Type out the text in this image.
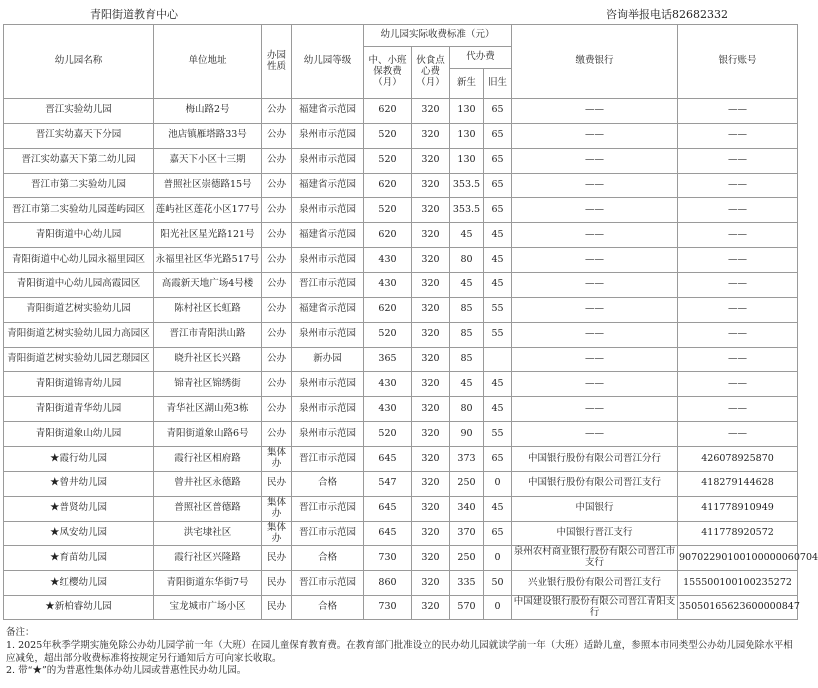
青阳街道教育中心	咨询举报电话82682332
幼儿园名称	单位地址	办园性质	幼儿园等级	幼儿园实际收费标准（元）				缴费银行	银行账号
				中、小班保教费（月）	伙食点心费（月）	代办费			
						新生	旧生		
晋江实验幼儿园	梅山路2号	公办	福建省示范园	620	320	130	65	——	——
晋江实幼嘉天下分园	池店镇雁塔路33号	公办	泉州市示范园	520	320	130	65	——	——
晋江实幼嘉天下第二幼儿园	嘉天下小区十三期	公办	泉州市示范园	520	320	130	65	——	——
晋江市第二实验幼儿园	普照社区崇德路15号	公办	福建省示范园	620	320	353.5	65	——	——
晋江市第二实验幼儿园莲屿园区	莲屿社区莲花小区177号	公办	泉州市示范园	520	320	353.5	65	——	——
青阳街道中心幼儿园	阳光社区星光路121号	公办	福建省示范园	620	320	45	45	——	——
青阳街道中心幼儿园永福里园区	永福里社区华光路517号	公办	泉州市示范园	430	320	80	45	——	——
青阳街道中心幼儿园高霞园区	高霞新天地广场4号楼	公办	晋江市示范园	430	320	45	45	——	——
青阳街道艺树实验幼儿园	陈村社区长虹路	公办	福建省示范园	620	320	85	55	——	——
青阳街道艺树实验幼儿园力高园区	晋江市青阳洪山路	公办	泉州市示范园	520	320	85	55	——	——
青阳街道艺树实验幼儿园艺璟园区	晓升社区长兴路	公办	新办园	365	320	85		——	——
青阳街道锦青幼儿园	锦青社区锦绣街	公办	泉州市示范园	430	320	45	45	——	——
青阳街道青华幼儿园	青华社区湖山苑3栋	公办	泉州市示范园	430	320	80	45	——	——
青阳街道象山幼儿园	青阳街道象山路6号	公办	泉州市示范园	520	320	90	55	——	——
★霞行幼儿园	霞行社区相府路	集体办	晋江市示范园	645	320	373	65	中国银行股份有限公司晋江分行	426078925870
★曾井幼儿园	曾井社区永德路	民办	合格	547	320	250	0	中国银行股份有限公司晋江支行	418279144628
★普贤幼儿园	普照社区普德路	集体办	晋江市示范园	645	320	340	45	中国银行	411778910949
★凤安幼儿园	洪宅埭社区	集体办	晋江市示范园	645	320	370	65	中国银行晋江支行	411778920572
★育苗幼儿园	霞行社区兴隆路	民办	合格	730	320	250	0	泉州农村商业银行股份有限公司晋江市支行	90702290100100000060704
★红樱幼儿园	青阳街道东华街7号	民办	晋江市示范园	860	320	335	50	兴业银行股份有限公司晋江支行	155500100100235272
★新柏睿幼儿园	宝龙城市广场小区	民办	合格	730	320	570	0	中国建设银行股份有限公司晋江青阳支行	35050165623600000847

备注：

1. 2025年秋季学期实施免除公办幼儿园学前一年（大班）在园儿童保育教育费。在教育部门批准设立的民办幼儿园就读学前一年（大班）适龄儿童，参照本市同类型公办幼儿园免除水平相应减免，超出部分收费标准将按规定另行通知后方可向家长收取。

2. 带“★”的为普惠性集体办幼儿园或普惠性民办幼儿园。
